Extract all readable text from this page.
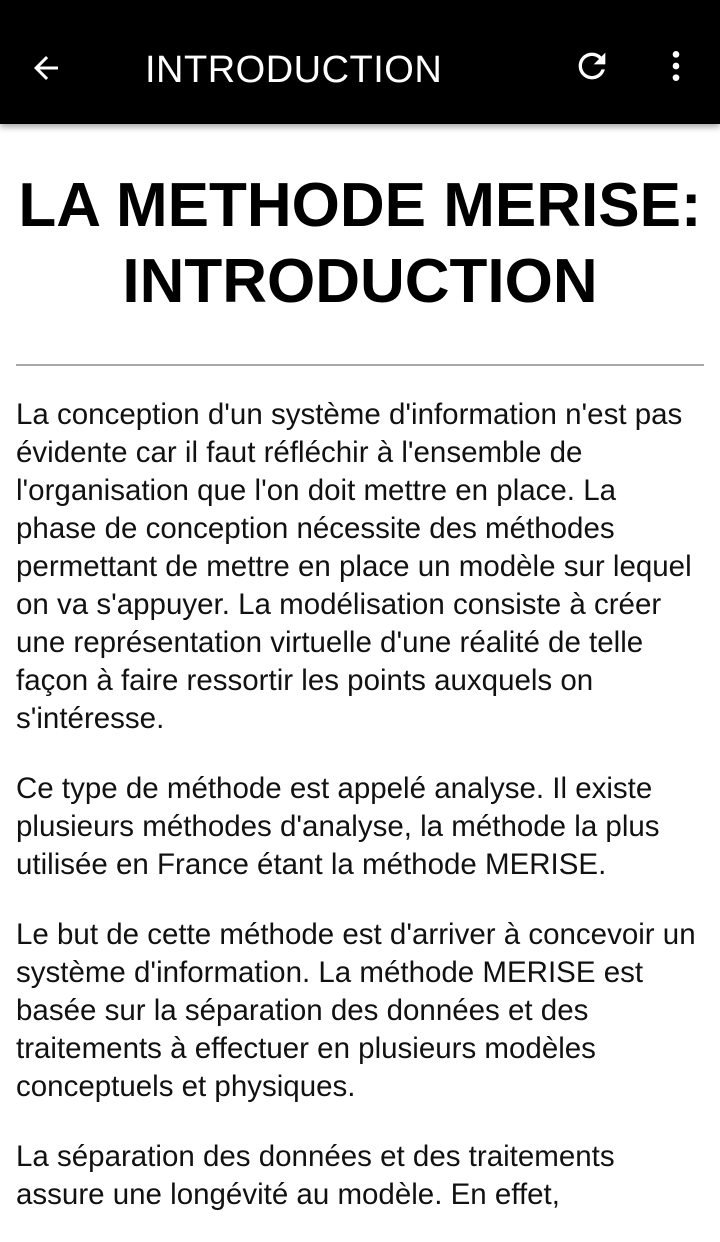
INTRODUCTION
LA METHODE MERISE: INTRODUCTION

La conception d'un système d'information n'est pas évidente car il faut réfléchir à l'ensemble de l'organisation que l'on doit mettre en place. La phase de conception nécessite des méthodes permettant de mettre en place un modèle sur lequel on va s'appuyer. La modélisation consiste à créer une représentation virtuelle d'une réalité de telle façon à faire ressortir les points auxquels on s'intéresse.

Ce type de méthode est appelé analyse. Il existe plusieurs méthodes d'analyse, la méthode la plus utilisée en France étant la méthode MERISE.

Le but de cette méthode est d'arriver à concevoir un système d'information. La méthode MERISE est basée sur la séparation des données et des traitements à effectuer en plusieurs modèles conceptuels et physiques.

La séparation des données et des traitements assure une longévité au modèle. En effet,
